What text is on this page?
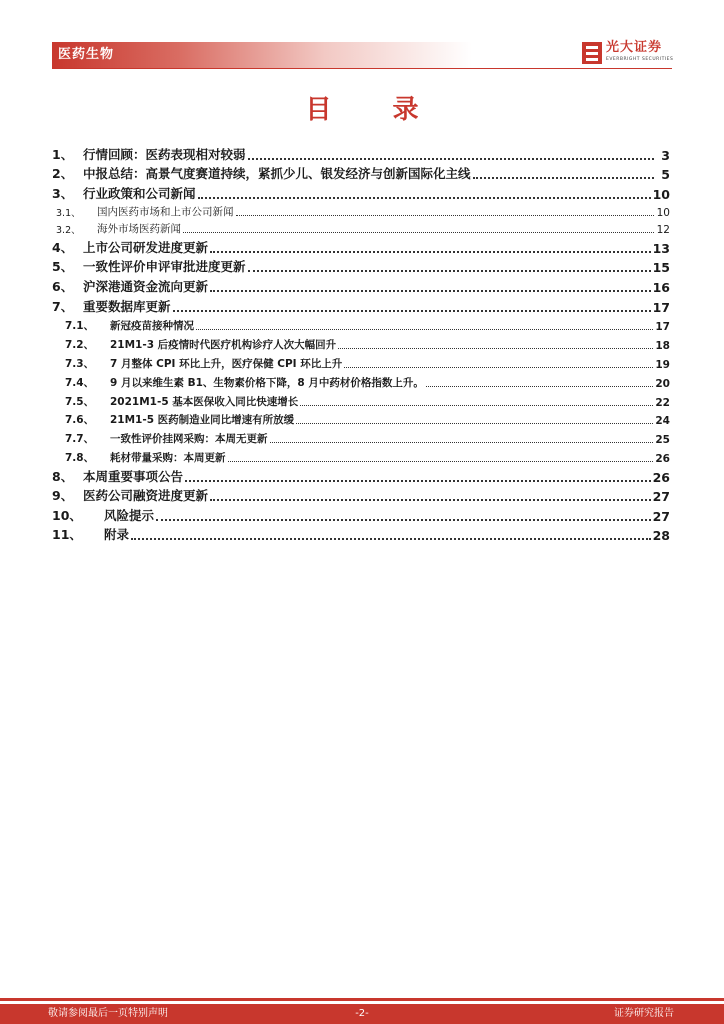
医药生物	光大证券
EVERBRIGHT SECURITIES
目 录
1、 行情回顾：医药表现相对较弱	3
2、 中报总结：高景气度赛道持续，紧抓少儿、银发经济与创新国际化主线	5
3、 行业政策和公司新闻	10
3.1、	国内医药市场和上市公司新闻	10
3.2、	海外市场医药新闻	12
4、 上市公司研发进度更新	13
5、 一致性评价申评审批进度更新	15
6、 沪深港通资金流向更新	16
7、 重要数据库更新	17
7.1、	新冠疫苗接种情况	17
7.2、	21M1-3 后疫情时代医疗机构诊疗人次大幅回升	18
7.3、	7 月整体 CPI 环比上升，医疗保健 CPI 环比上升	19
7.4、	9 月以来维生素 B1、生物素价格下降，8 月中药材价格指数上升。	20
7.5、	2021M1-5 基本医保收入同比快速增长	22
7.6、	21M1-5 医药制造业同比增速有所放缓	24
7.7、	一致性评价挂网采购：本周无更新	25
7.8、	耗材带量采购：本周更新	26
8、 本周重要事项公告	26
9、 医药公司融资进度更新	27
10、	风险提示	27
11、	附录	28
敬请参阅最后一页特别声明	-2-	证券研究报告
